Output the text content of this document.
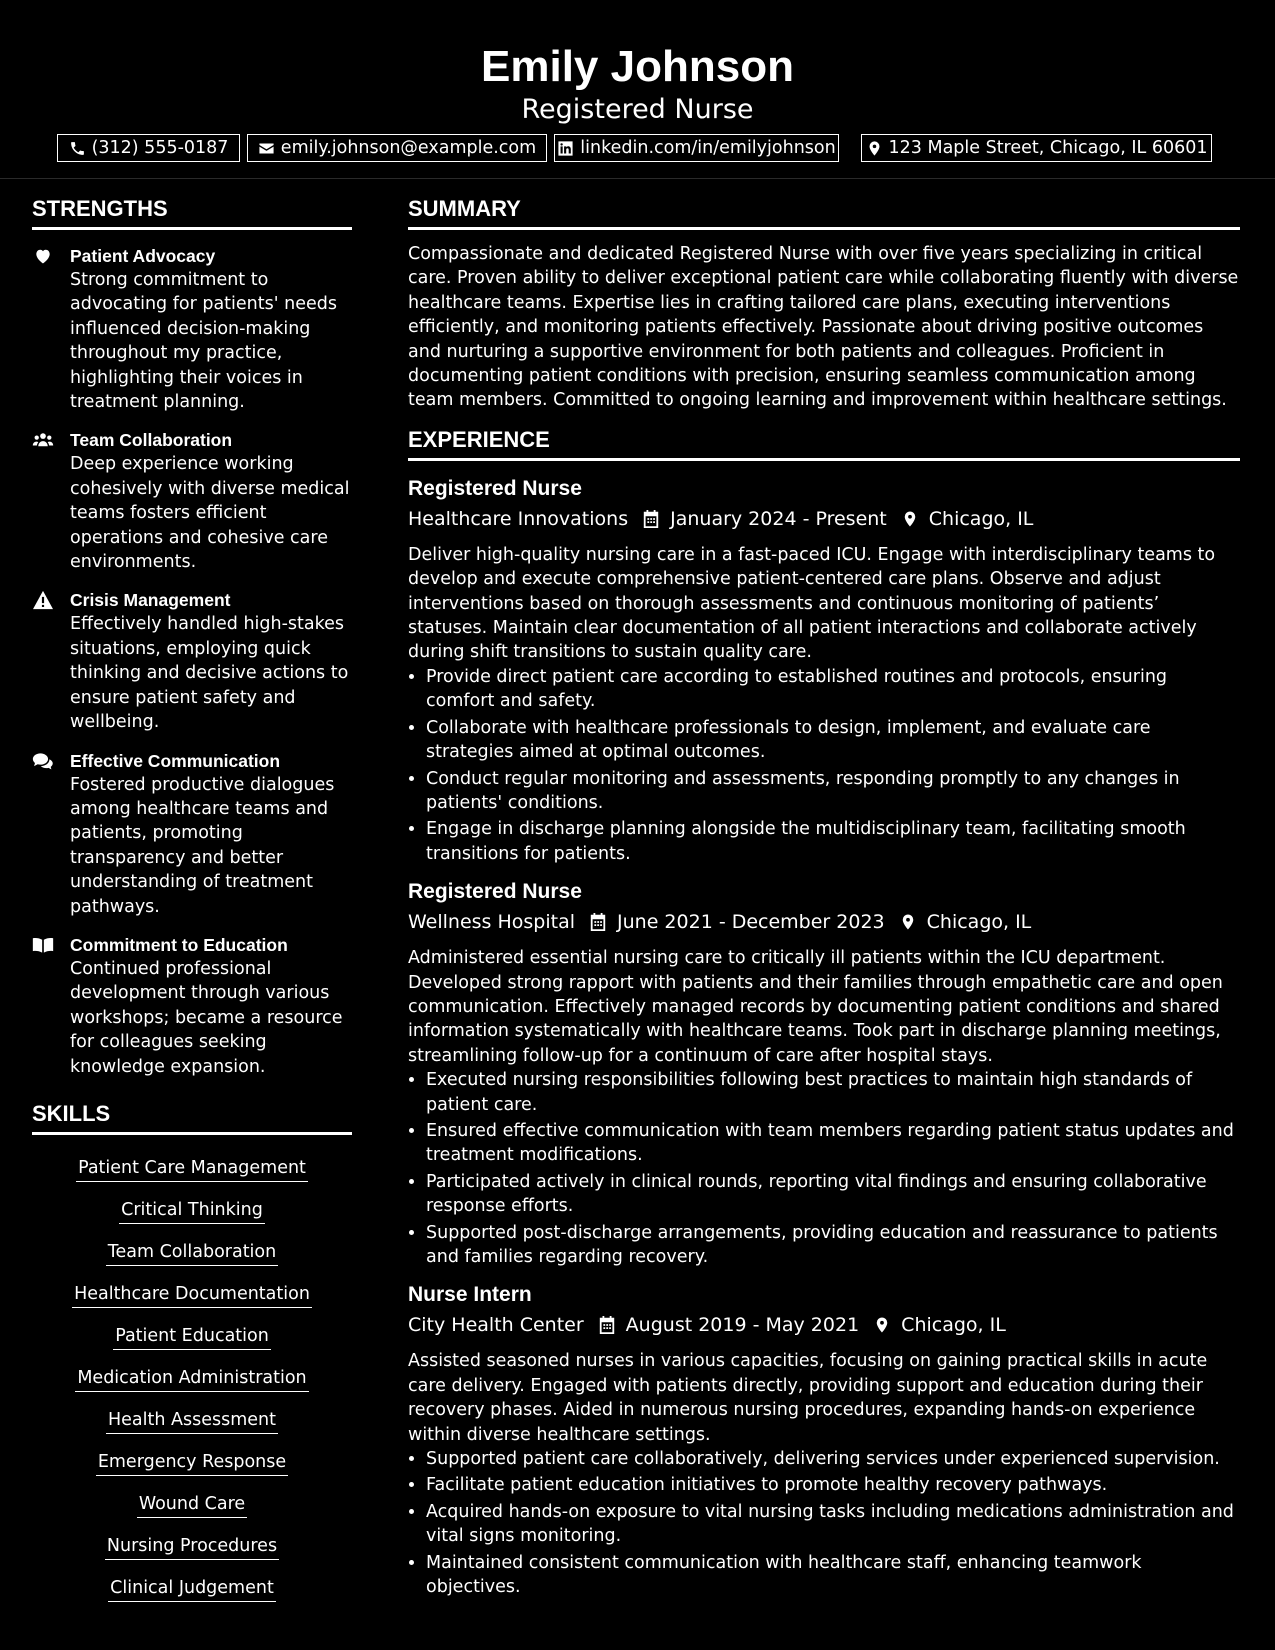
Emily Johnson
Registered Nurse
(312) 555-0187	emily.johnson@example.com	linkedin.com/in/emilyjohnson	123 Maple Street, Chicago, IL 60601
STRENGTHS
Patient Advocacy
Strong commitment to advocating for patients' needs influenced decision-making throughout my practice, highlighting their voices in treatment planning.
Team Collaboration
Deep experience working cohesively with diverse medical teams fosters efficient operations and cohesive care environments.
Crisis Management
Effectively handled high-stakes situations, employing quick thinking and decisive actions to ensure patient safety and wellbeing.
Effective Communication
Fostered productive dialogues among healthcare teams and patients, promoting transparency and better understanding of treatment pathways.
Commitment to Education
Continued professional development through various workshops; became a resource for colleagues seeking knowledge expansion.
SKILLS
Patient Care Management
Critical Thinking
Team Collaboration
Healthcare Documentation
Patient Education
Medication Administration
Health Assessment
Emergency ResponseWound Care
Nursing Procedures
Clinical Judgement
SUMMARY
Compassionate and dedicated Registered Nurse with over five years specializing in critical care. Proven ability to deliver exceptional patient care while collaborating fluently with diverse healthcare teams. Expertise lies in crafting tailored care plans, executing interventions efficiently, and monitoring patients effectively. Passionate about driving positive outcomes and nurturing a supportive environment for both patients and colleagues. Proficient in documenting patient conditions with precision, ensuring seamless communication among team members. Committed to ongoing learning and improvement within healthcare settings.
EXPERIENCE
Registered Nurse
Healthcare Innovations January 2024 - Present Chicago, IL
Deliver high-quality nursing care in a fast-paced ICU. Engage with interdisciplinary teams to develop and execute comprehensive patient-centered care plans. Observe and adjust interventions based on thorough assessments and continuous monitoring of patients’ statuses. Maintain clear documentation of all patient interactions and collaborate actively during shift transitions to sustain quality care.
• Provide direct patient care according to established routines and protocols, ensuring comfort and safety.
• Collaborate with healthcare professionals to design, implement, and evaluate care strategies aimed at optimal outcomes.
• Conduct regular monitoring and assessments, responding promptly to any changes in patients' conditions.
• Engage in discharge planning alongside the multidisciplinary team, facilitating smooth transitions for patients.
Registered Nurse
Wellness Hospital June 2021 - December 2023 Chicago, IL
Administered essential nursing care to critically ill patients within the ICU department. Developed strong rapport with patients and their families through empathetic care and open communication. Effectively managed records by documenting patient conditions and shared information systematically with healthcare teams. Took part in discharge planning meetings, streamlining follow-up for a continuum of care after hospital stays.
• Executed nursing responsibilities following best practices to maintain high standards of patient care.
• Ensured effective communication with team members regarding patient status updates and treatment modifications.
• Participated actively in clinical rounds, reporting vital findings and ensuring collaborative response efforts.
• Supported post-discharge arrangements, providing education and reassurance to patients and families regarding recovery.
Nurse Intern
City Health Center August 2019 - May 2021 Chicago, IL
Assisted seasoned nurses in various capacities, focusing on gaining practical skills in acute care delivery. Engaged with patients directly, providing support and education during their recovery phases. Aided in numerous nursing procedures, expanding hands-on experience within diverse healthcare settings.
• Supported patient care collaboratively, delivering services under experienced supervision.
• Facilitate patient education initiatives to promote healthy recovery pathways.
• Acquired hands-on exposure to vital nursing tasks including medications administration and vital signs monitoring.
• Maintained consistent communication with healthcare staff, enhancing teamwork objectives.
